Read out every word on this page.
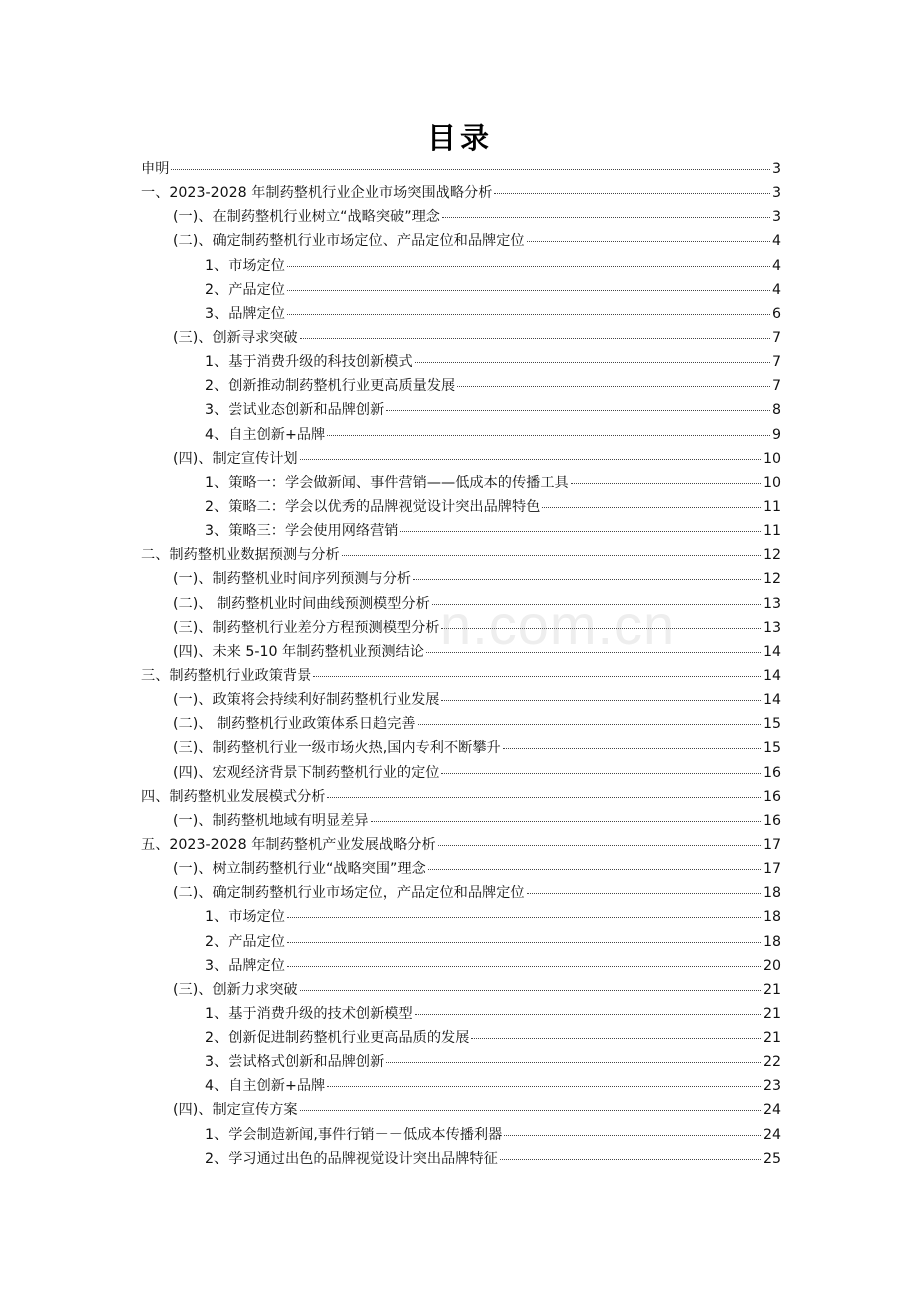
目录
申明	3
一、2023-2028 年制药整机行业企业市场突围战略分析	3
(一)、在制药整机行业树立“战略突破”理念	3
(二)、确定制药整机行业市场定位、产品定位和品牌定位	4
1、市场定位	4
2、产品定位	4
3、品牌定位	6
(三)、创新寻求突破	7
1、基于消费升级的科技创新模式	7
2、创新推动制药整机行业更高质量发展	7
3、尝试业态创新和品牌创新	8
4、自主创新+品牌	9
(四)、制定宣传计划	10
1、策略一：学会做新闻、事件营销——低成本的传播工具	10
2、策略二：学会以优秀的品牌视觉设计突出品牌特色	11
3、策略三：学会使用网络营销	11
二、制药整机业数据预测与分析	12
(一)、制药整机业时间序列预测与分析	12
(二)、 制药整机业时间曲线预测模型分析	13
(三)、制药整机行业差分方程预测模型分析	13
(四)、未来 5-10 年制药整机业预测结论	14
三、制药整机行业政策背景	14
(一)、政策将会持续利好制药整机行业发展	14
(二)、 制药整机行业政策体系日趋完善	15
(三)、制药整机行业一级市场火热,国内专利不断攀升	15
(四)、宏观经济背景下制药整机行业的定位	16
四、制药整机业发展模式分析	16
(一)、制药整机地域有明显差异	16
五、2023-2028 年制药整机产业发展战略分析	17
(一)、树立制药整机行业“战略突围”理念	17
(二)、确定制药整机行业市场定位，产品定位和品牌定位	18
1、市场定位	18
2、产品定位	18
3、品牌定位	20
(三)、创新力求突破	21
1、基于消费升级的技术创新模型	21
2、创新促进制药整机行业更高品质的发展	21
3、尝试格式创新和品牌创新	22
4、自主创新+品牌	23
(四)、制定宣传方案	24
1、学会制造新闻,事件行销－－低成本传播利器	24
2、学习通过出色的品牌视觉设计突出品牌特征	25
n.com.cn
